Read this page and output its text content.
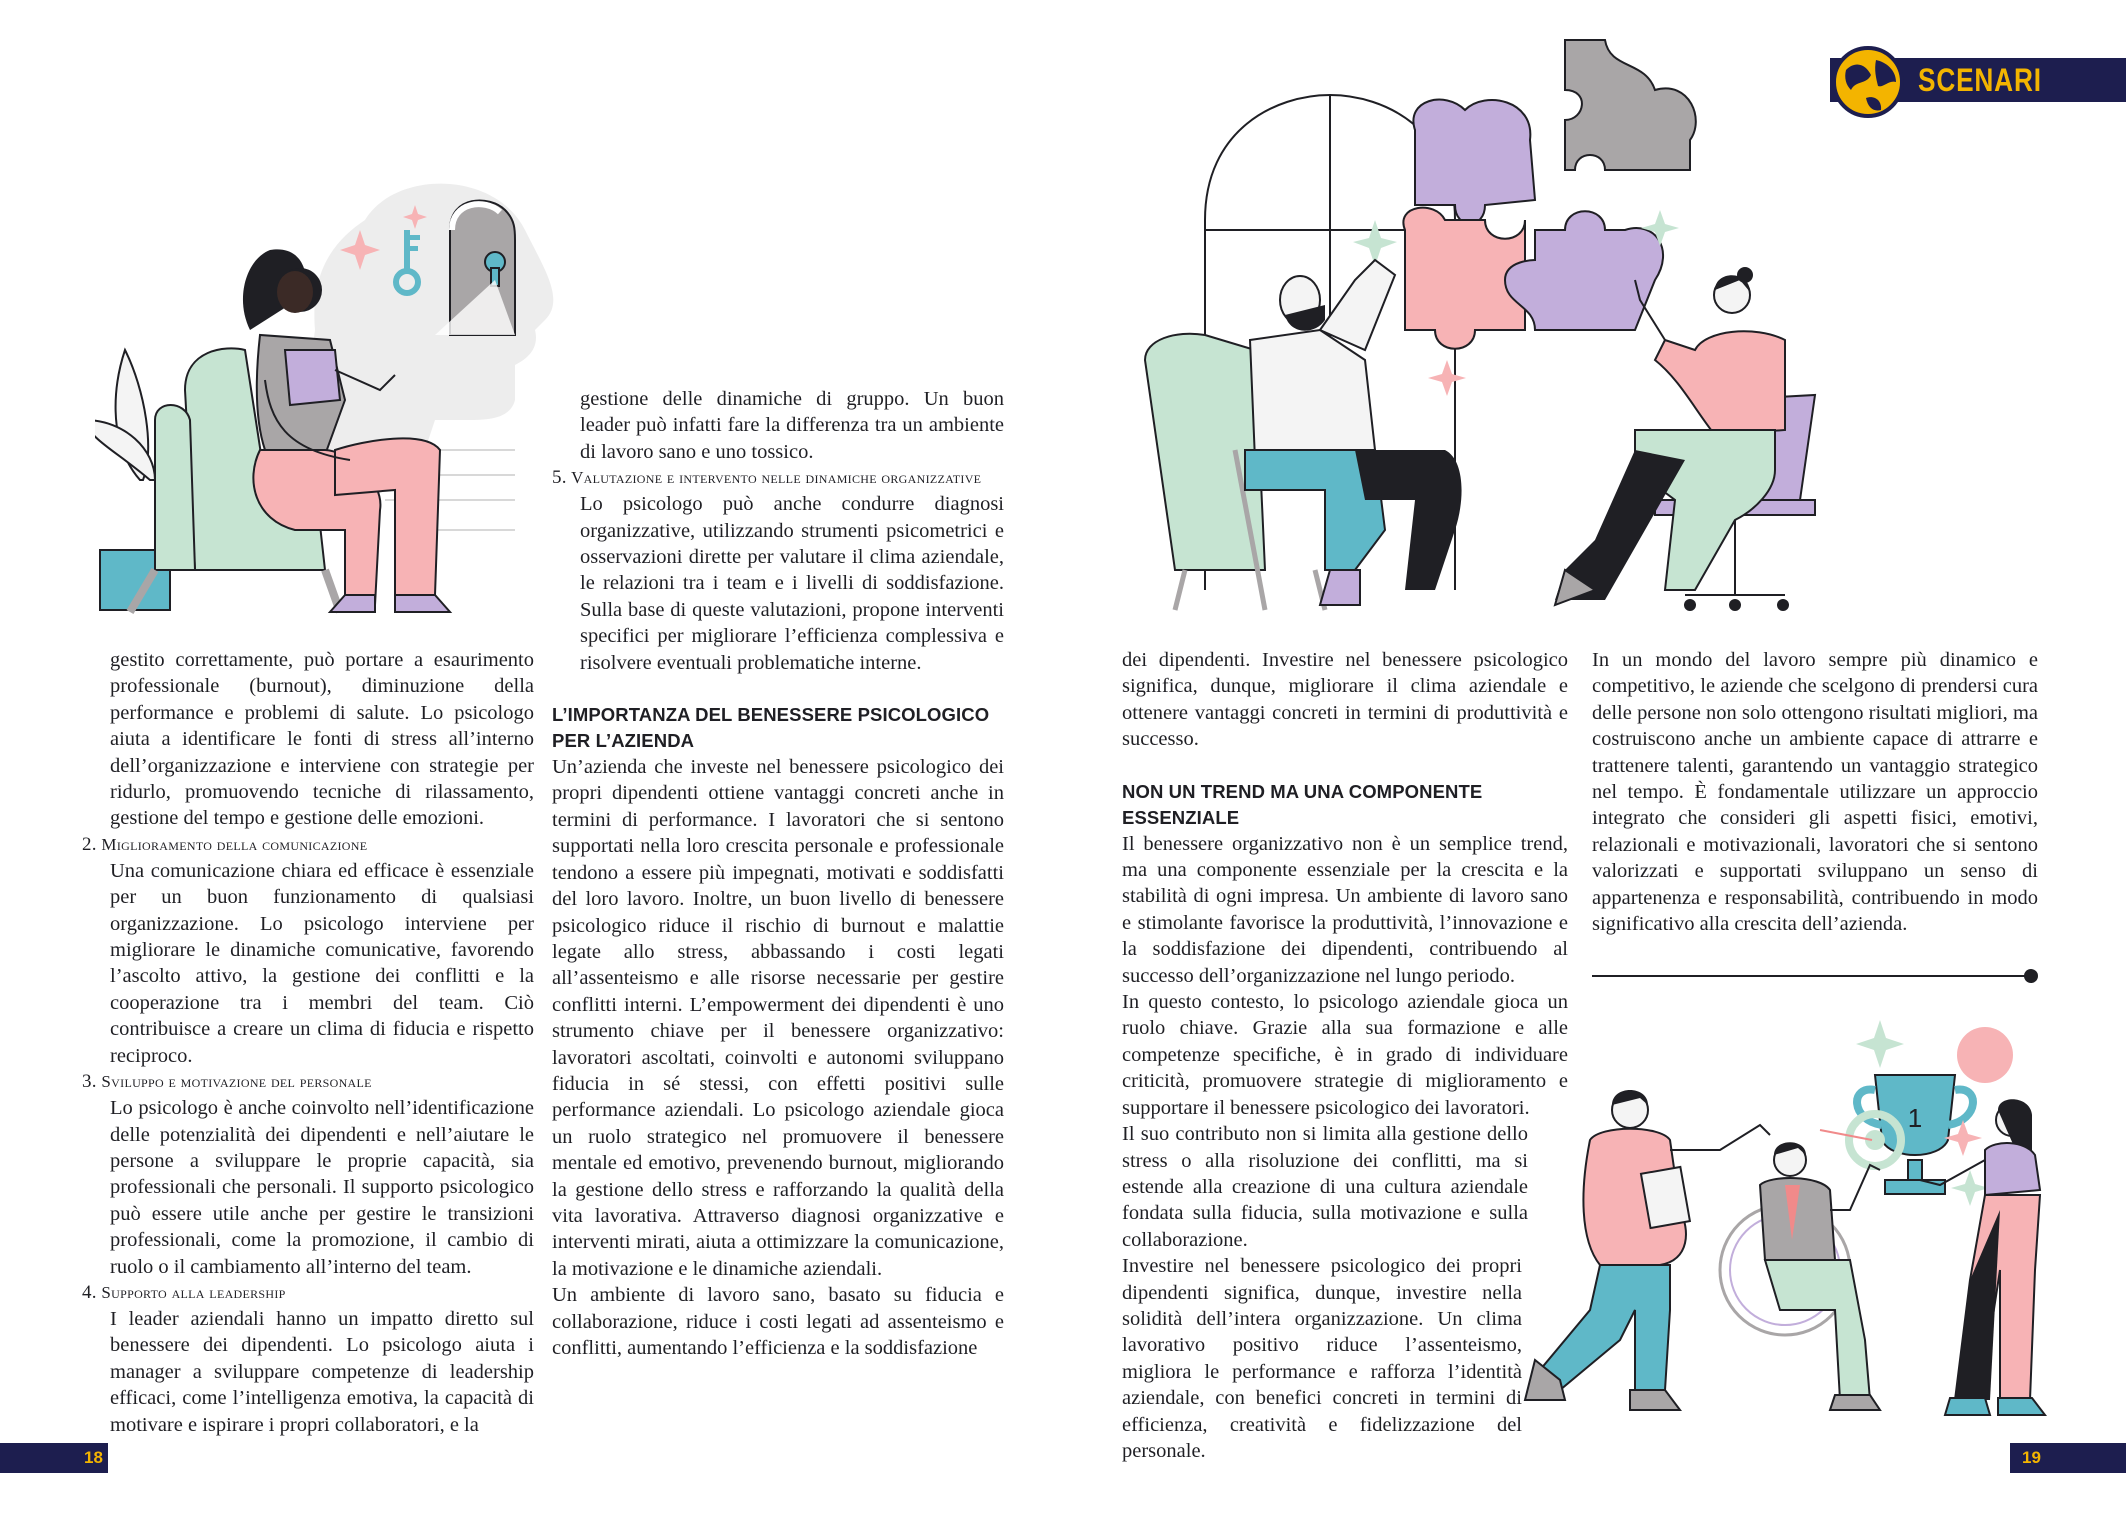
gestito correttamente, può portare a esaurimento professionale (burnout), diminuzione della performance e problemi di salute. Lo psicologo aiuta a identificare le fonti di stress all’interno dell’organizzazione e interviene con strategie per ridurlo, promuovendo tecniche di rilassamento, gestione del tempo e gestione delle emozioni.

2. Miglioramento della comunicazione

Una comunicazione chiara ed efficace è essenziale per un buon funzionamento di qualsiasi organizzazione. Lo psicologo interviene per migliorare le dinamiche comunicative, favorendo l’ascolto attivo, la gestione dei conflitti e la cooperazione tra i membri del team. Ciò contribuisce a creare un clima di fiducia e rispetto reciproco.

3. Sviluppo e motivazione del personale

Lo psicologo è anche coinvolto nell’identificazione delle potenzialità dei dipendenti e nell’aiutare le persone a sviluppare le proprie capacità, sia professionali che personali. Il supporto psicologico può essere utile anche per gestire le transizioni professionali, come la promozione, il cambio di ruolo o il cambiamento all’interno del team.

4. Supporto alla leadership

I leader aziendali hanno un impatto diretto sul benessere dei dipendenti. Lo psicologo aiuta i manager a sviluppare competenze di leadership efficaci, come l’intelligenza emotiva, la capacità di motivare e ispirare i propri collaboratori, e la

gestione delle dinamiche di gruppo. Un buon leader può infatti fare la differenza tra un ambiente di lavoro sano e uno tossico.

5. Valutazione e intervento nelle dinamiche organizzative

Lo psicologo può anche condurre diagnosi organizzative, utilizzando strumenti psicometrici e osservazioni dirette per valutare il clima aziendale, le relazioni tra i team e i livelli di soddisfazione. Sulla base di queste valutazioni, propone interventi specifici per migliorare l’efficienza complessiva e risolvere eventuali problematiche interne.

L’IMPORTANZA DEL BENESSERE PSICOLOGICO PER L’AZIENDA

Un’azienda che investe nel benessere psicologico dei propri dipendenti ottiene vantaggi concreti anche in termini di performance. I lavoratori che si sentono supportati nella loro crescita personale e professionale tendono a essere più impegnati, motivati e soddisfatti del loro lavoro. Inoltre, un buon livello di benessere psicologico riduce il rischio di burnout e malattie legate allo stress, abbassando i costi legati all’assenteismo e alle risorse necessarie per gestire conflitti interni. L’empowerment dei dipendenti è uno strumento chiave per il benessere organizzativo: lavoratori ascoltati, coinvolti e autonomi sviluppano fiducia in sé stessi, con effetti positivi sulle performance aziendali. Lo psicologo aziendale gioca un ruolo strategico nel promuovere il benessere mentale ed emotivo, prevenendo burnout, migliorando la gestione dello stress e rafforzando la qualità della vita lavorativa. Attraverso diagnosi organizzative e interventi mirati, aiuta a ottimizzare la comunicazione, la motivazione e le dinamiche aziendali.

Un ambiente di lavoro sano, basato su fiducia e collaborazione, riduce i costi legati ad assenteismo e conflitti, aumentando l’efficienza e la soddisfazione

18
SCENARI

dei dipendenti. Investire nel benessere psicologico significa, dunque, migliorare il clima aziendale e ottenere vantaggi concreti in termini di produttività e successo.

NON UN TREND MA UNA COMPONENTE ESSENZIALE

Il benessere organizzativo non è un semplice trend, ma una componente essenziale per la crescita e la stabilità di ogni impresa. Un ambiente di lavoro sano e stimolante favorisce la produttività, l’innovazione e la soddisfazione dei dipendenti, contribuendo al successo dell’organizzazione nel lungo periodo.

In questo contesto, lo psicologo aziendale gioca un ruolo chiave. Grazie alla sua formazione e alle competenze specifiche, è in grado di individuare criticità, promuovere strategie di miglioramento e supportare il benessere psicologico dei lavoratori.

Il suo contributo non si limita alla gestione dello stress o alla risoluzione dei conflitti, ma si estende alla creazione di una cultura aziendale fondata sulla fiducia, sulla motivazione e sulla collaborazione.

Investire nel benessere psicologico dei propri dipendenti significa, dunque, investire nella solidità dell’intera organizzazione. Un clima lavorativo positivo riduce l’assenteismo, migliora le performance e rafforza l’identità aziendale, con benefici concreti in termini di efficienza, creatività e fidelizzazione del personale.

In un mondo del lavoro sempre più dinamico e competitivo, le aziende che scelgono di prendersi cura delle persone non solo ottengono risultati migliori, ma costruiscono anche un ambiente capace di attrarre e trattenere talenti, garantendo un vantaggio strategico nel tempo. È fondamentale utilizzare un approccio integrato che consideri gli aspetti fisici, emotivi, relazionali e motivazionali, lavoratori che si sentono valorizzati e supportati sviluppano un senso di appartenenza e responsabilità, contribuendo in modo significativo alla crescita dell’azienda.

1
19
